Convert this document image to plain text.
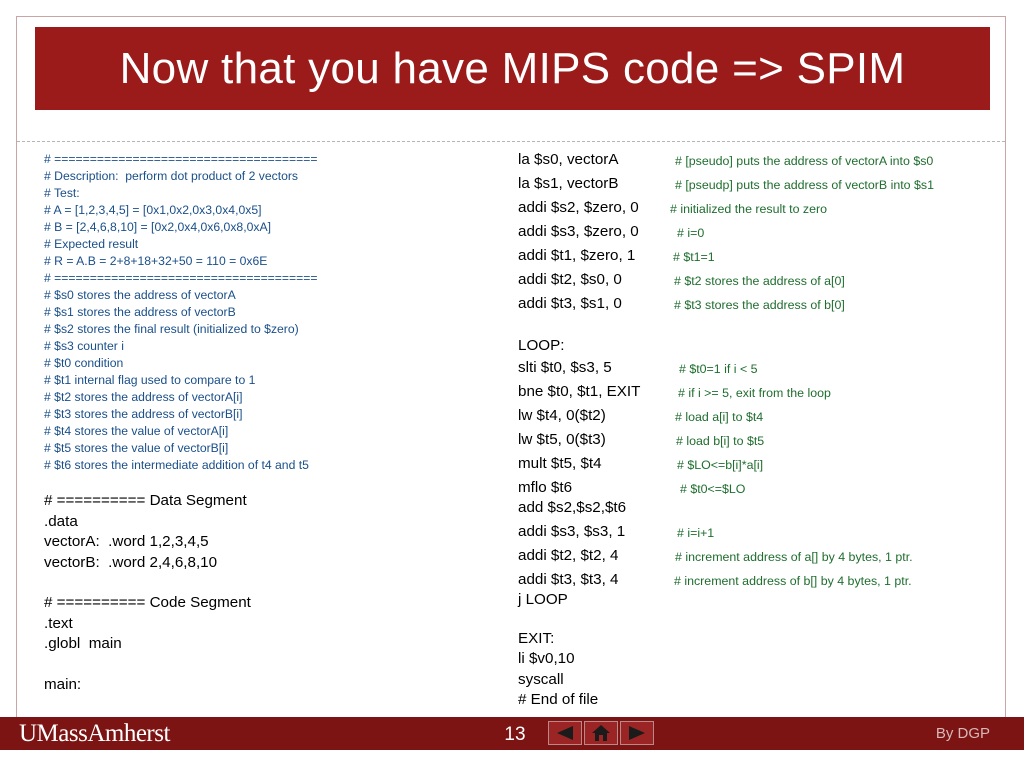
Now that you have MIPS code => SPIM
# =====================================
# Description:  perform dot product of 2 vectors
# Test:
# A = [1,2,3,4,5] = [0x1,0x2,0x3,0x4,0x5]
# B = [2,4,6,8,10] = [0x2,0x4,0x6,0x8,0xA]
# Expected result
# R = A.B = 2+8+18+32+50 = 110 = 0x6E
# =====================================
# $s0 stores the address of vectorA
# $s1 stores the address of vectorB
# $s2 stores the final result (initialized to $zero)
# $s3 counter i
# $t0 condition
# $t1 internal flag used to compare to 1
# $t2 stores the address of vectorA[i]
# $t3 stores the address of vectorB[i]
# $t4 stores the value of vectorA[i]
# $t5 stores the value of vectorB[i]
# $t6 stores the intermediate addition of t4 and t5
# ========== Data Segment
.data
vectorA:  .word 1,2,3,4,5
vectorB:  .word 2,4,6,8,10
# ========== Code Segment
.text
.globl  main
main:
la $s0, vectorA	# [pseudo] puts the address of vectorA into $s0
la $s1, vectorB	# [pseudp] puts the address of vectorB into $s1
addi $s2, $zero, 0	# initialized the result to zero
addi $s3, $zero, 0	# i=0
addi $t1, $zero, 1	# $t1=1
addi $t2, $s0, 0	# $t2 stores the address of a[0]
addi $t3, $s1, 0	# $t3 stores the address of b[0]
LOOP:
slti $t0, $s3, 5	# $t0=1 if i < 5
bne $t0, $t1, EXIT	# if i >= 5, exit from the loop
lw $t4, 0($t2)	# load a[i] to $t4
lw $t5, 0($t3)	# load b[i] to $t5
mult $t5, $t4	# $LO<=b[i]*a[i]
mflo $t6	# $t0<=$LO
add $s2,$s2,$t6
addi $s3, $s3, 1	# i=i+1
addi $t2, $t2, 4	# increment address of a[] by 4 bytes, 1 ptr.
addi $t3, $t3, 4	# increment address of b[] by 4 bytes, 1 ptr.
j LOOP
EXIT:
li $v0,10
syscall
# End of file
UMassAmherst	13	By DGP
